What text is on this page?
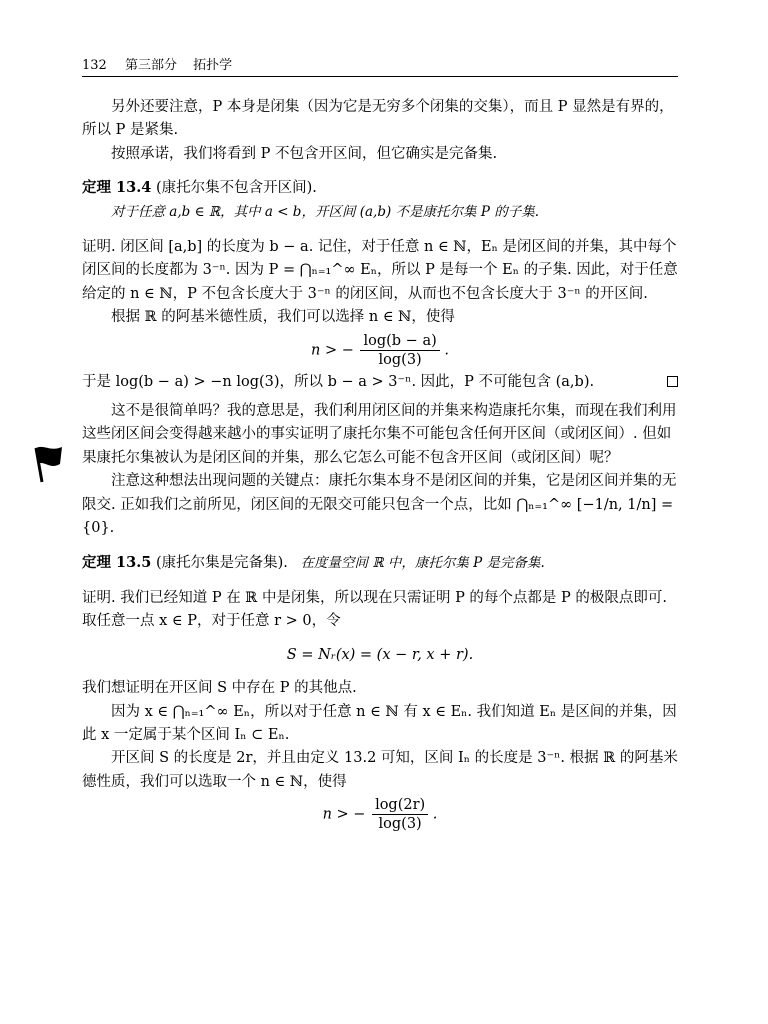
132 第三部分 拓扑学

另外还要注意，P 本身是闭集（因为它是无穷多个闭集的交集），而且 P 显然是有界的，所以 P 是紧集.

按照承诺，我们将看到 P 不包含开区间，但它确实是完备集.

定理 13.4 (康托尔集不包含开区间).

对于任意 a,b ∈ ℝ，其中 a < b，开区间 (a,b) 不是康托尔集 P 的子集.

证明. 闭区间 [a,b] 的长度为 b − a. 记住，对于任意 n ∈ ℕ，Eₙ 是闭区间的并集，其中每个闭区间的长度都为 3⁻ⁿ. 因为 P = ⋂ₙ₌₁^∞ Eₙ，所以 P 是每一个 Eₙ 的子集. 因此，对于任意给定的 n ∈ ℕ，P 不包含长度大于 3⁻ⁿ 的闭区间，从而也不包含长度大于 3⁻ⁿ 的开区间.

根据 ℝ 的阿基米德性质，我们可以选择 n ∈ ℕ，使得

n > − $\frac{\log(b - a)}{\log(3)}$ .

于是 log(b − a) > −n log(3)，所以 b − a > 3⁻ⁿ. 因此，P 不可能包含 (a,b).

这不是很简单吗？我的意思是，我们利用闭区间的并集来构造康托尔集，而现在我们利用这些闭区间会变得越来越小的事实证明了康托尔集不可能包含任何开区间（或闭区间）. 但如果康托尔集被认为是闭区间的并集，那么它怎么可能不包含开区间（或闭区间）呢？

注意这种想法出现问题的关键点：康托尔集本身不是闭区间的并集，它是闭区间并集的无限交. 正如我们之前所见，闭区间的无限交可能只包含一个点，比如 ⋂ₙ₌₁^∞ [−1/n, 1/n] = {0}.

定理 13.5 (康托尔集是完备集). 在度量空间 ℝ 中，康托尔集 P 是完备集.

证明. 我们已经知道 P 在 ℝ 中是闭集，所以现在只需证明 P 的每个点都是 P 的极限点即可. 取任意一点 x ∈ P，对于任意 r > 0，令

S = Nᵣ(x) = (x − r, x + r).

我们想证明在开区间 S 中存在 P 的其他点.

因为 x ∈ ⋂ₙ₌₁^∞ Eₙ，所以对于任意 n ∈ ℕ 有 x ∈ Eₙ. 我们知道 Eₙ 是区间的并集，因此 x 一定属于某个区间 Iₙ ⊂ Eₙ.

开区间 S 的长度是 2r，并且由定义 13.2 可知，区间 Iₙ 的长度是 3⁻ⁿ. 根据 ℝ 的阿基米德性质，我们可以选取一个 n ∈ ℕ，使得

n > − $\frac{\log(2r)}{\log(3)}$ .
